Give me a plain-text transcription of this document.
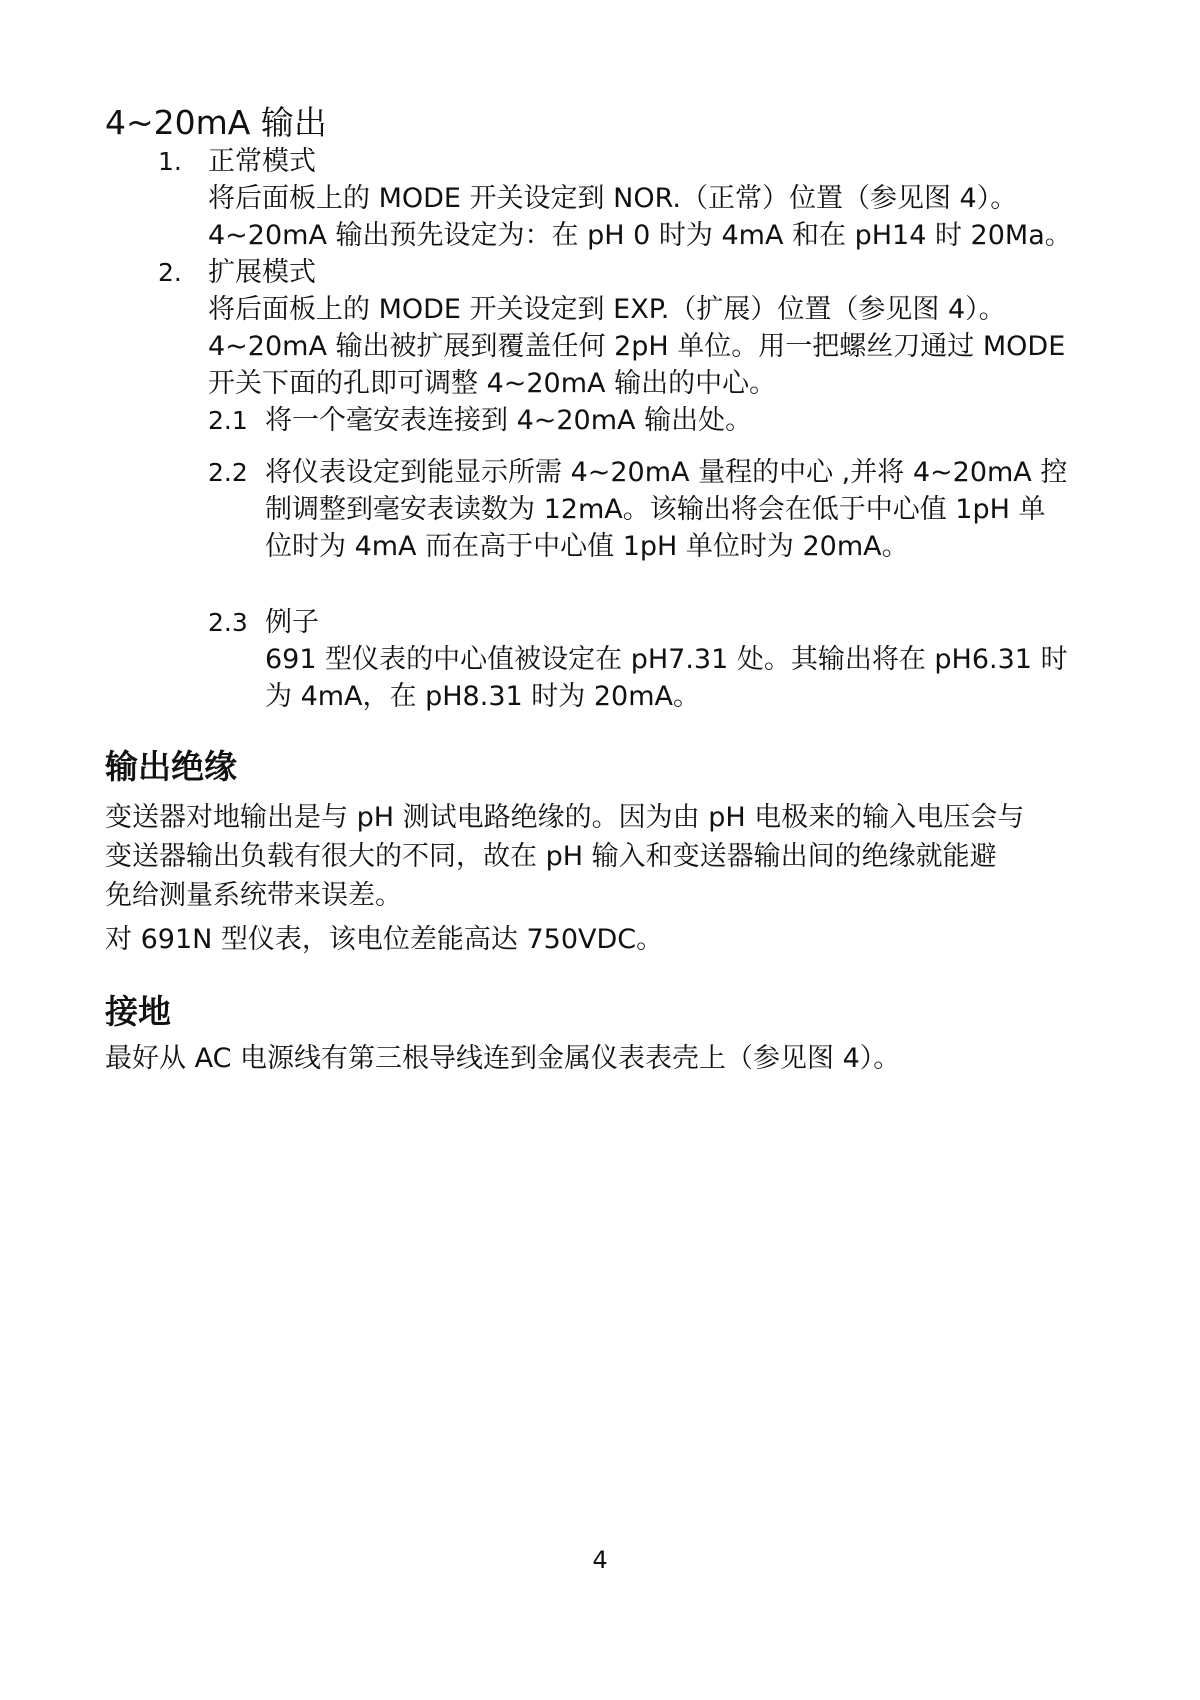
4~20mA 输出
1. 正常模式
将后面板上的 MODE 开关设定到 NOR.（正常）位置（参见图 4）。
4~20mA 输出预先设定为：在 pH 0 时为 4mA 和在 pH14 时 20Ma。
2. 扩展模式
将后面板上的 MODE 开关设定到 EXP.（扩展）位置（参见图 4）。
4~20mA 输出被扩展到覆盖任何 2pH 单位。用一把螺丝刀通过 MODE
开关下面的孔即可调整 4~20mA 输出的中心。
2.1 将一个毫安表连接到 4~20mA 输出处。
2.2 将仪表设定到能显示所需 4~20mA 量程的中心 ,并将 4~20mA 控
制调整到毫安表读数为 12mA。该输出将会在低于中心值 1pH 单
位时为 4mA 而在高于中心值 1pH 单位时为 20mA。
2.3 例子
691 型仪表的中心值被设定在 pH7.31 处。其输出将在 pH6.31 时
为 4mA，在 pH8.31 时为 20mA。
输出绝缘
变送器对地输出是与 pH 测试电路绝缘的。因为由 pH 电极来的输入电压会与
变送器输出负载有很大的不同，故在 pH 输入和变送器输出间的绝缘就能避
免给测量系统带来误差。
对 691N 型仪表，该电位差能高达 750VDC。
接地
最好从 AC 电源线有第三根导线连到金属仪表表壳上（参见图 4）。
4
